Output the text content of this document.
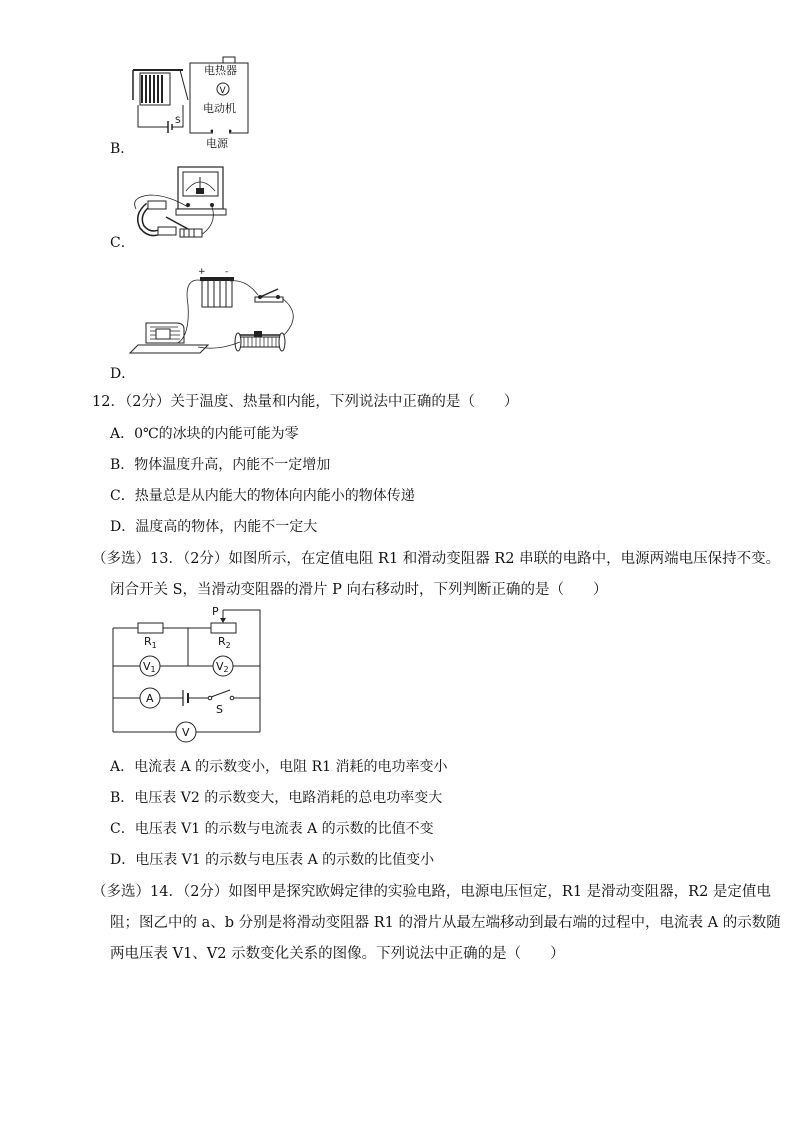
B．
S
电热器
V
电动机
电源
C．
D．
+ -
12．（2分）关于温度、热量和内能，下列说法中正确的是（　　）
A．0℃的冰块的内能可能为零
B．物体温度升高，内能不一定增加
C．热量总是从内能大的物体向内能小的物体传递
D．温度高的物体，内能不一定大
（多选）13．（2分）如图所示，在定值电阻 R1 和滑动变阻器 R2 串联的电路中，电源两端电压保持不变。
闭合开关 S，当滑动变阻器的滑片 P 向右移动时，下列判断正确的是（　　）
P
$R_1$	$R_2$
V1	V2
A
S
V
A．电流表 A 的示数变小，电阻 R1 消耗的电功率变小
B．电压表 V2 的示数变大，电路消耗的总电功率变大
C．电压表 V1 的示数与电流表 A 的示数的比值不变
D．电压表 V1 的示数与电压表 A 的示数的比值变小
（多选）14．（2分）如图甲是探究欧姆定律的实验电路，电源电压恒定，R1 是滑动变阻器，R2 是定值电
阻；图乙中的 a、b 分别是将滑动变阻器 R1 的滑片从最左端移动到最右端的过程中，电流表 A 的示数随
两电压表 V1、V2 示数变化关系的图像。下列说法中正确的是（　　）
